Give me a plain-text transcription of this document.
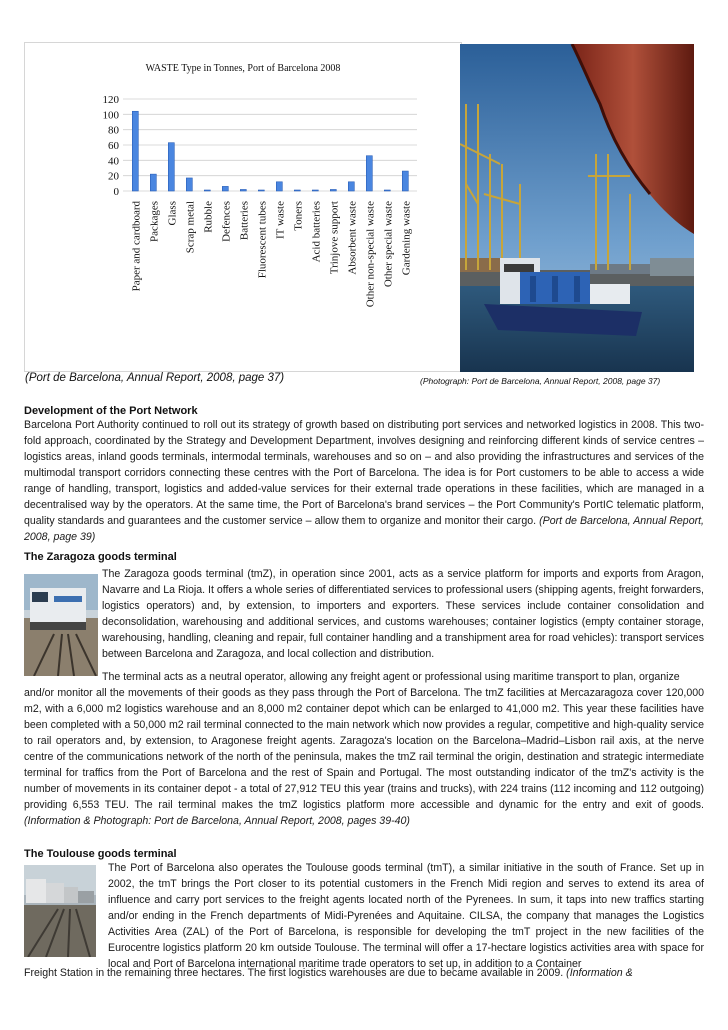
WASTE Type in Tonnes, Port of Barcelona 2008
0
20
40
60
80
100
120
Paper and cardboard Packages Glass Scrap metal Rubble Defences Batteries Fluorescent tubes IT waste Toners Acid batteries Trinjove support Absorbent waste Other non-special waste Other special waste Gardening waste
(Port de Barcelona, Annual Report, 2008, page 37)	(Photograph: Port de Barcelona, Annual Report, 2008, page 37)
Development of the Port Network

Barcelona Port Authority continued to roll out its strategy of growth based on distributing port services and networked logistics in 2008. This two-fold approach, coordinated by the Strategy and Development Department, involves designing and reinforcing different kinds of service centres – logistics areas, inland goods terminals, intermodal terminals, warehouses and so on – and also providing the infrastructures and services of the multimodal transport corridors connecting these centres with the Port of Barcelona. The idea is for Port customers to be able to access a wide range of handling, transport, logistics and added-value services for their external trade operations in these facilities, which are managed in a decentralised way by the operators. At the same time, the Port of Barcelona's brand services – the Port Community's PortIC telematic platform, quality standards and guarantees and the customer service – allow them to organize and monitor their cargo. (Port de Barcelona, Annual Report, 2008, page 39)

The Zaragoza goods terminal

The Zaragoza goods terminal (tmZ), in operation since 2001, acts as a service platform for imports and exports from Aragon, Navarre and La Rioja. It offers a whole series of differentiated services to professional users (shipping agents, freight forwarders, logistics operators) and, by extension, to importers and exporters. These services include container consolidation and deconsolidation, warehousing and additional services, and customs warehouses; container logistics (empty container storage, warehousing, handling, cleaning and repair, full container handling and a transhipment area for road vehicles): transport services between Barcelona and Zaragoza, and local collection and distribution.

The terminal acts as a neutral operator, allowing any freight agent or professional using maritime transport to plan, organize

and/or monitor all the movements of their goods as they pass through the Port of Barcelona. The tmZ facilities at Mercazaragoza cover 120,000 m2, with a 6,000 m2 logistics warehouse and an 8,000 m2 container depot which can be enlarged to 41,000 m2. This year these facilities have been completed with a 50,000 m2 rail terminal connected to the main network which now provides a regular, competitive and high-quality service to rail operators and, by extension, to Aragonese freight agents. Zaragoza's location on the Barcelona–Madrid–Lisbon rail axis, at the nerve centre of the communications network of the north of the peninsula, makes the tmZ rail terminal the origin, destination and strategic intermediate terminal for traffics from the Port of Barcelona and the rest of Spain and Portugal. The most outstanding indicator of the tmZ's activity is the number of movements in its container depot - a total of 27,912 TEU this year (trains and trucks), with 224 trains (112 incoming and 112 outgoing) providing 6,553 TEU. The rail terminal makes the tmZ logistics platform more accessible and dynamic for the entry and exit of goods. (Information & Photograph: Port de Barcelona, Annual Report, 2008, pages 39-40)

The Toulouse goods terminal

The Port of Barcelona also operates the Toulouse goods terminal (tmT), a similar initiative in the south of France. Set up in 2002, the tmT brings the Port closer to its potential customers in the French Midi region and serves to extend its area of influence and carry port services to the freight agents located north of the Pyrenees. In sum, it taps into new traffics starting and/or ending in the French departments of Midi-Pyrenées and Aquitaine. CILSA, the company that manages the Logistics Activities Area (ZAL) of the Port of Barcelona, is responsible for developing the tmT project in the new facilities of the Eurocentre logistics platform 20 km outside Toulouse. The terminal will offer a 17-hectare logistics activities area with space for local and Port of Barcelona international maritime trade operators to set up, in addition to a Container

Freight Station in the remaining three hectares. The first logistics warehouses are due to became available in 2009. (Information &
